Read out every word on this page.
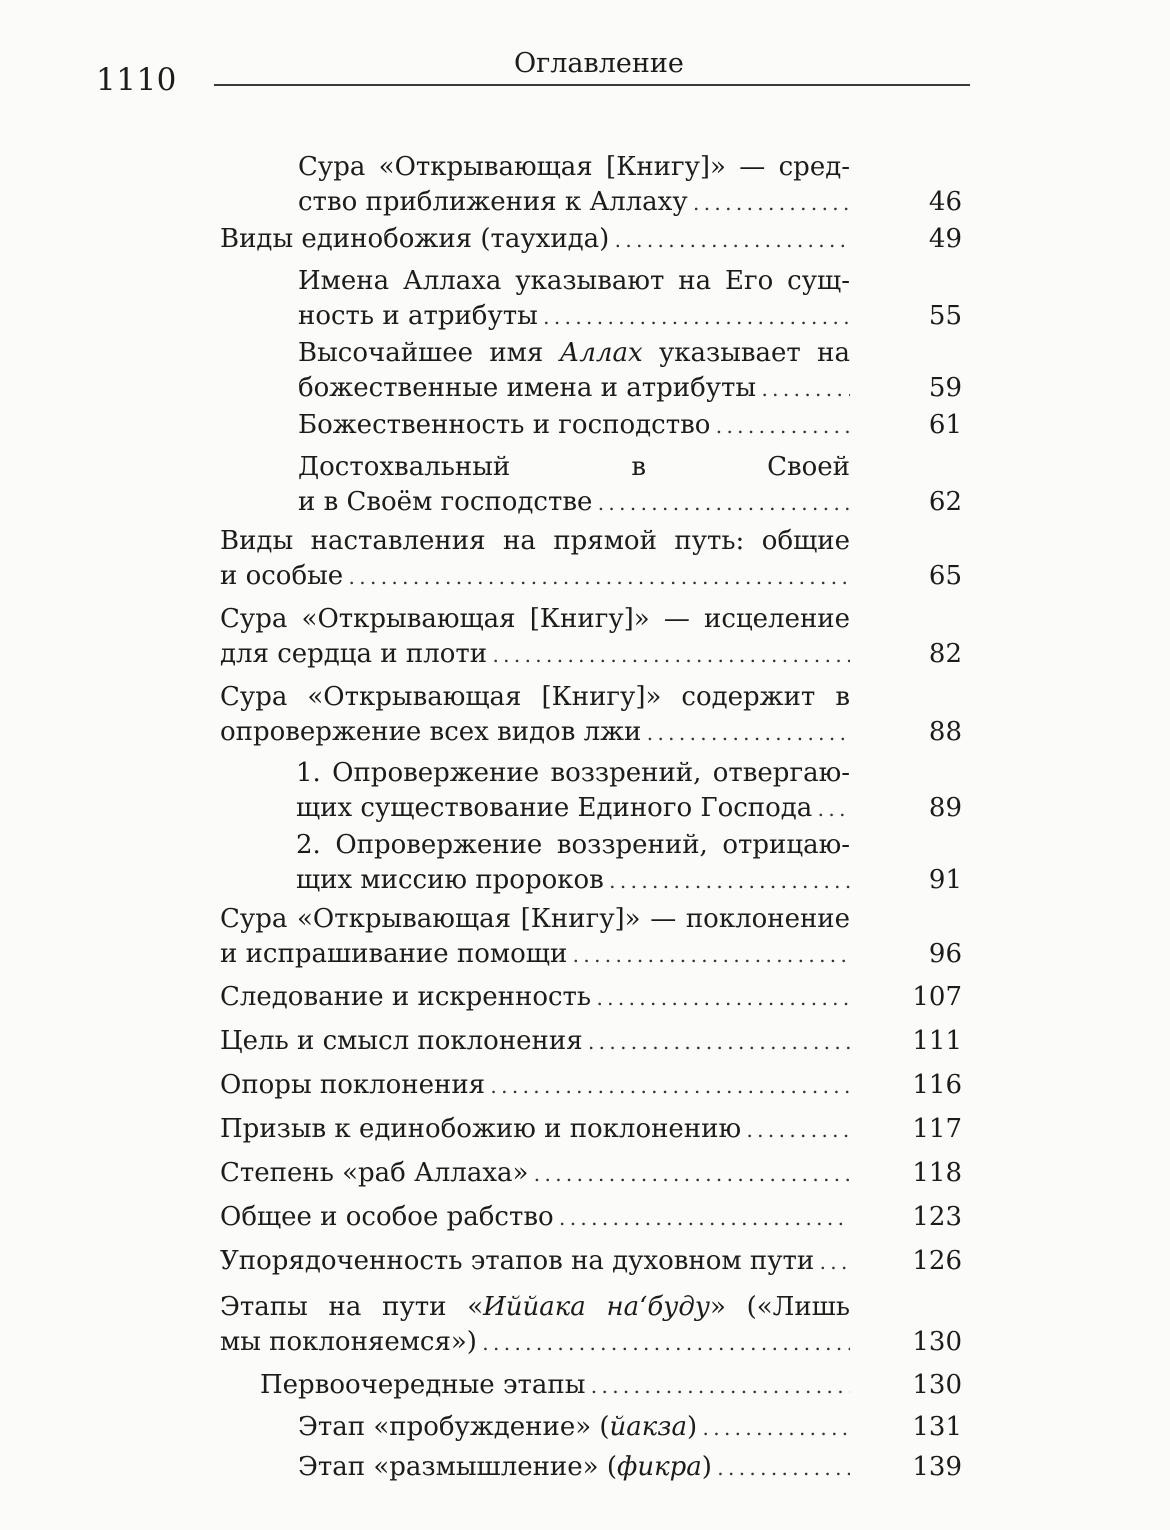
1110	Оглавление
Сура «Открывающая [Книгу]» — сред-
ство приближения к Аллаху . . .	46
Виды единобожия (таухида) . . .	49
Имена Аллаха указывают на Его сущ-
ность и атрибуты . . .	55
Высочайшее имя Аллах указывает на
божественные имена и атрибуты . . .	59
Божественность и господство . . .	61
Достохвальный в Своей
и в Своём господстве . . .	62
Виды наставления на прямой путь: общие
и особые . . .	65
Сура «Открывающая [Книгу]» — исцеление
для сердца и плоти . . .	82
Сура «Открывающая [Книгу]» содержит в
опровержение всех видов лжи . . .	88
1. Опровержение воззрений, отвергаю-
щих существование Единого Господа . . .	89
2. Опровержение воззрений, отрицаю-
щих миссию пророков . . .	91
Сура «Открывающая [Книгу]» — поклонение
и испрашивание помощи . . .	96
Следование и искренность . . .	107
Цель и смысл поклонения . . .	111
Опоры поклонения . . .	116
Призыв к единобожию и поклонению . . .	117
Степень «раб Аллаха» . . .	118
Общее и особое рабство . . .	123
Упорядоченность этапов на духовном пути . . .	126
Этапы на пути «Иййака на‘буду» («Лишь
мы поклоняемся») . . .	130
Первоочередные этапы . . .	130
Этап «пробуждение» (йакза) . . .	131
Этап «размышление» (фикра) . . .	139
